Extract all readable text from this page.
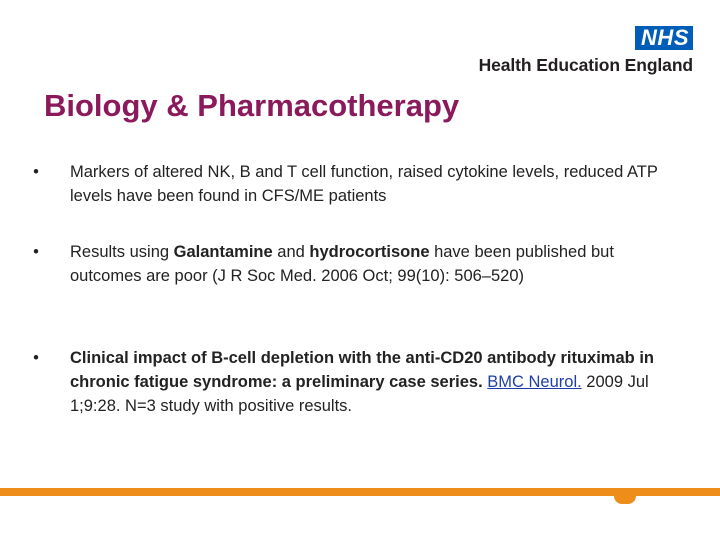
NHS
Health Education England
Biology & Pharmacotherapy
•	Markers of altered NK, B and T cell function, raised cytokine levels, reduced ATP levels have been found in CFS/ME patients
•	Results using Galantamine and hydrocortisone have been published but outcomes are poor (J R Soc Med. 2006 Oct; 99(10): 506–520)
•	Clinical impact of B-cell depletion with the anti-CD20 antibody rituximab in chronic fatigue syndrome: a preliminary case series. BMC Neurol. 2009 Jul 1;9:28. N=3 study with positive results.
